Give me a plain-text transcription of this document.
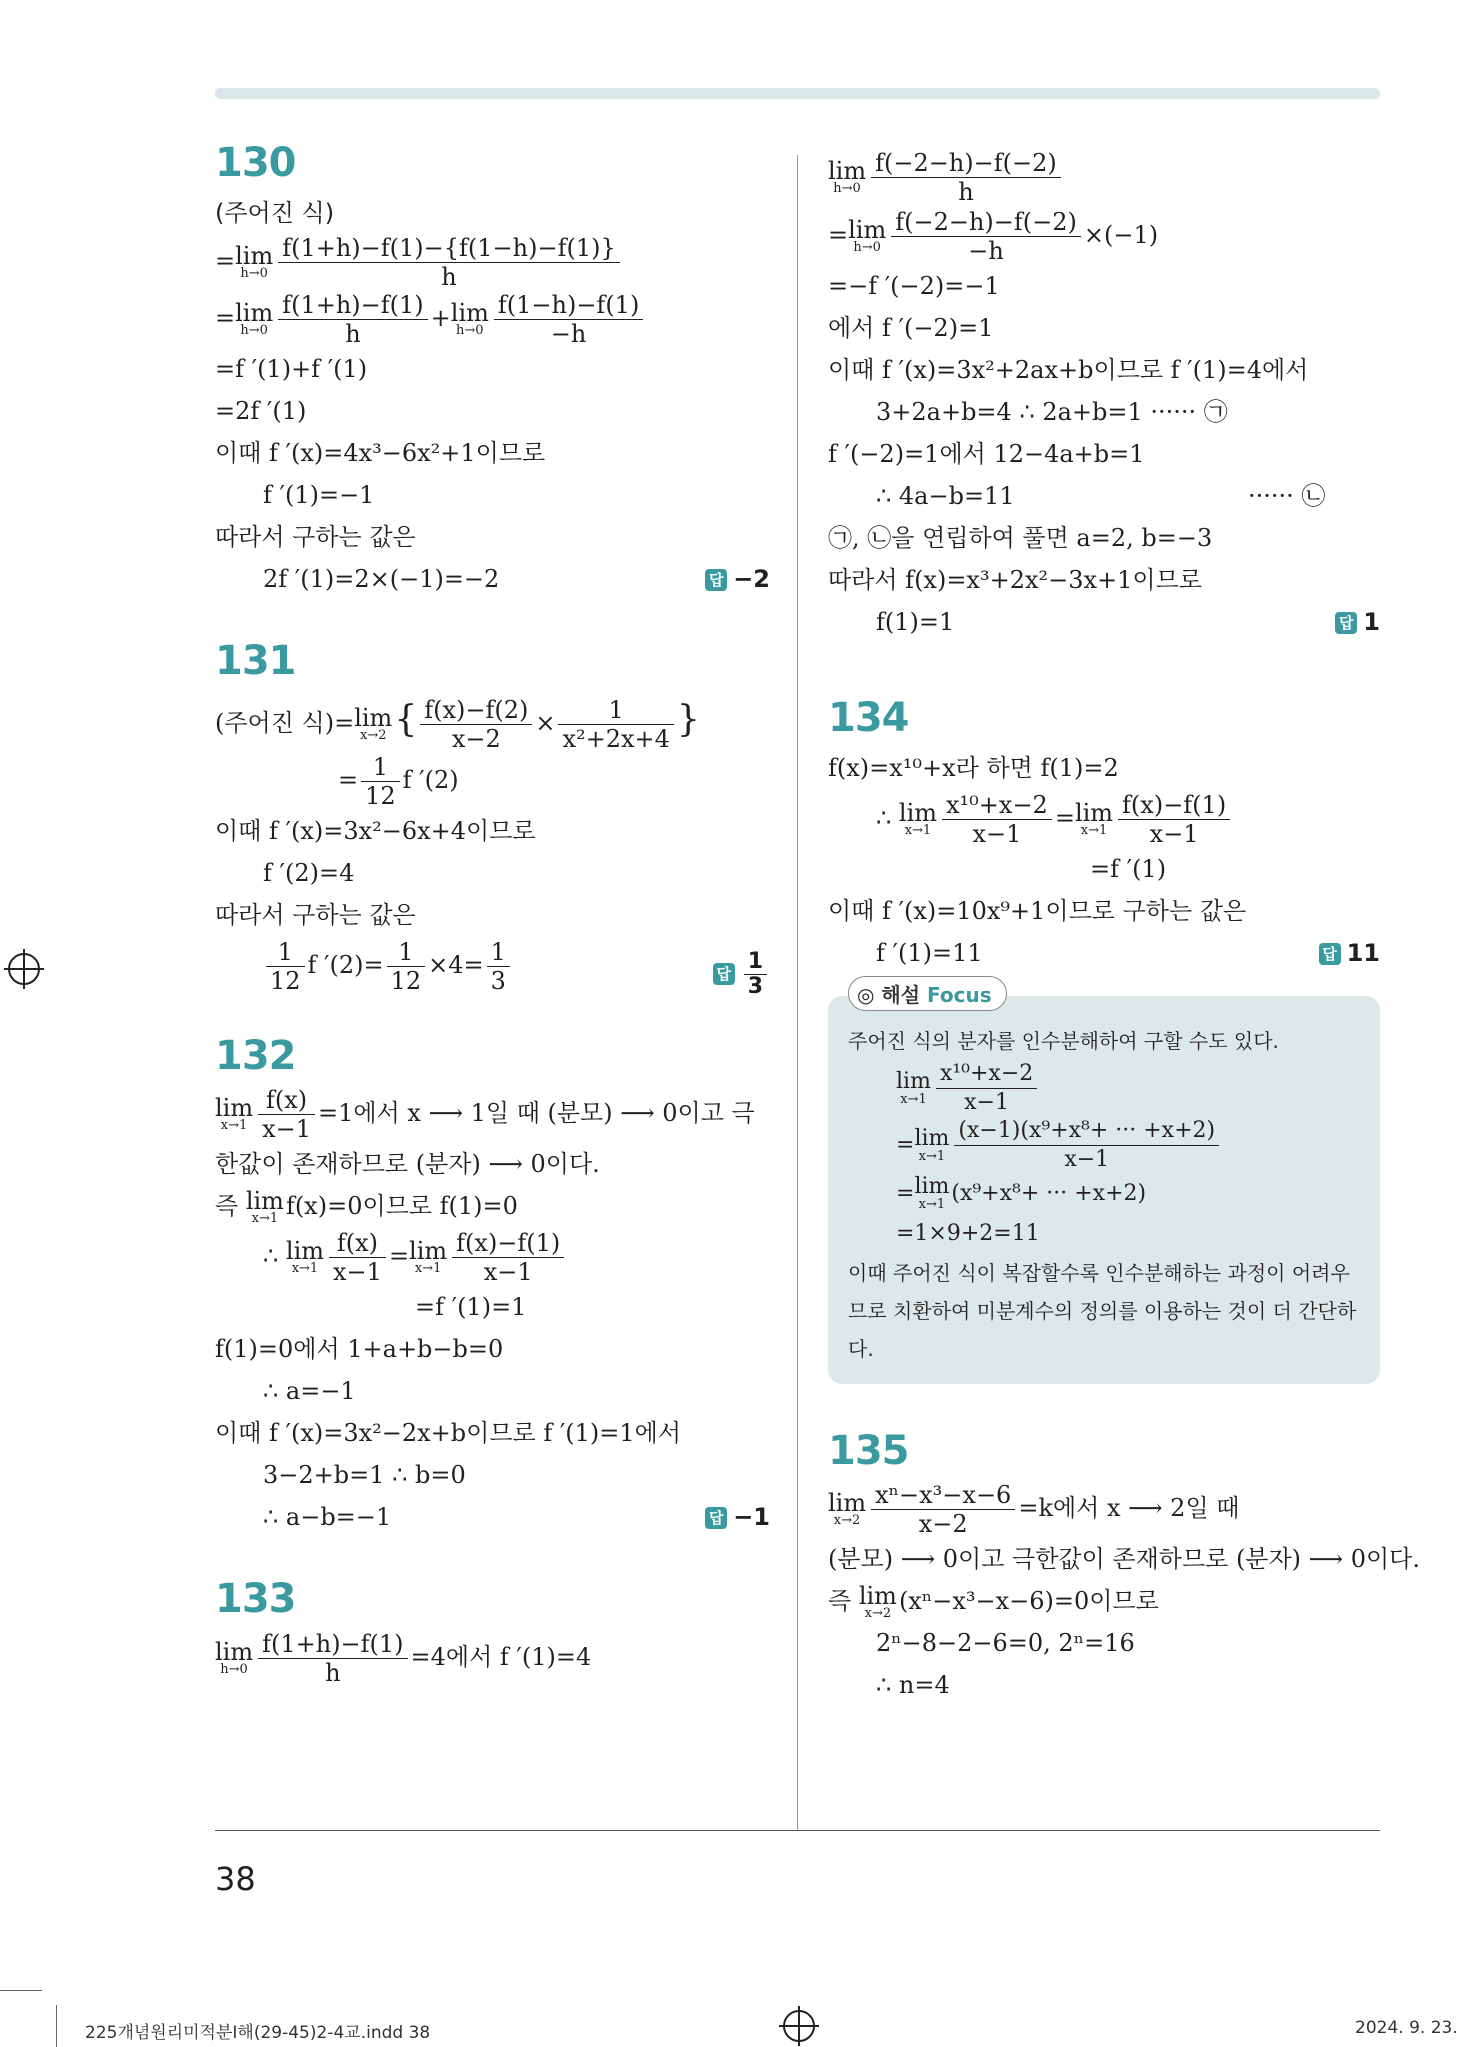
130
(주어진 식)
=lim
$h\to 0 \frac{f(1+h)-f(1)-\{f(1-h)-f(1)\}}{h}$
=lim
$h\to 0 \frac{f(1+h)-f(1)}{h} +\lim$
$h\to 0 \frac{f(1-h)-f(1)}{-h}$
=f ′(1)+f ′(1)
=2f ′(1)
이때 f ′(x)=4x³−6x²+1이므로
f ′(1)=−1
따라서 구하는 값은
2f ′(1)=2×(−1)=−2	답 −2
131
(주어진 식)=lim
x→2 { $\frac{f(x)-f(2)}{x-2} \times \frac{1}{\text{x²+2x+4}}$ }
= $\frac{1}{12}$ f ′(2)
이때 f ′(x)=3x²−6x+4이므로
f ′(2)=4
따라서 구하는 값은
$\frac{1}{12}$ f $'(2)= \frac{1}{12} \times 4= \frac{1}{3}$	답 $\frac{1}{3}$
132
lim
$x\to 1 \frac{f(x)}{x-1} =1$에서 x ⟶ 1일 때 (분모) ⟶ 0이고 극
한값이 존재하므로 (분자) ⟶ 0이다.
즉 lim
x→1 f(x)=0이므로 f(1)=0
∴ lim
$x\to 1 \frac{f(x)}{x-1} =\lim$
$x\to 1 \frac{f(x)-f(1)}{x-1}$
=f ′(1)=1
f(1)=0에서 1+a+b−b=0
∴ a=−1
이때 f ′(x)=3x²−2x+b이므로 f ′(1)=1에서
3−2+b=1 ∴ b=0
∴ a−b=−1	답 −1
133
lim
$h\to 0 \frac{f(1+h)-f(1)}{h} =4$에서 f ′(1)=4
lim
$h\to 0 \frac{f(-2-h)-f(-2)}{h}$
=lim
$h\to 0 \frac{f(-2-h)-f(-2)}{-h} \times(-1)$
=−f ′(−2)=−1
에서 f ′(−2)=1
이때 f ′(x)=3x²+2ax+b이므로 f ′(1)=4에서
3+2a+b=4 ∴ 2a+b=1 ······ ㉠
f ′(−2)=1에서 12−4a+b=1
∴ 4a−b=11	······ ㉡
㉠, ㉡을 연립하여 풀면 a=2, b=−3
따라서 f(x)=x³+2x²−3x+1이므로
f(1)=1	답 1
134
f(x)=x¹⁰+x라 하면 f(1)=2
∴ lim
$x\to 1 \frac{\text{x¹⁰+x−2}}{x-1} =\lim$
$x\to 1 \frac{f(x)-f(1)}{x-1}$
=f ′(1)
이때 f ′(x)=10x⁹+1이므로 구하는 값은
f ′(1)=11	답 11
◎ 해설 Focus
주어진 식의 분자를 인수분해하여 구할 수도 있다.
lim
$x\to 1 \frac{\text{x¹⁰+x−2}}{x-1}$
=lim
$x\to 1 \frac{\text{(x−1)(x⁹+x⁸+ ··· +x+2)}}{x-1}$
=lim
x→1 (x⁹+x⁸+ ··· +x+2)
=1×9+2=11
이때 주어진 식이 복잡할수록 인수분해하는 과정이 어려우므로 치환하여 미분계수의 정의를 이용하는 것이 더 간단하다.
135
lim
$x\to 2 \frac{\text{xⁿ−x³−x−6}}{x-2} =k$에서 x ⟶ 2일 때
(분모) ⟶ 0이고 극한값이 존재하므로 (분자) ⟶ 0이다.
즉 lim
x→2 (xⁿ−x³−x−6)=0이므로
2ⁿ−8−2−6=0, 2ⁿ=16
∴ n=4
38
225개념원리미적분Ⅰ해(29-45)2-4교.indd 38	2024. 9. 23.
